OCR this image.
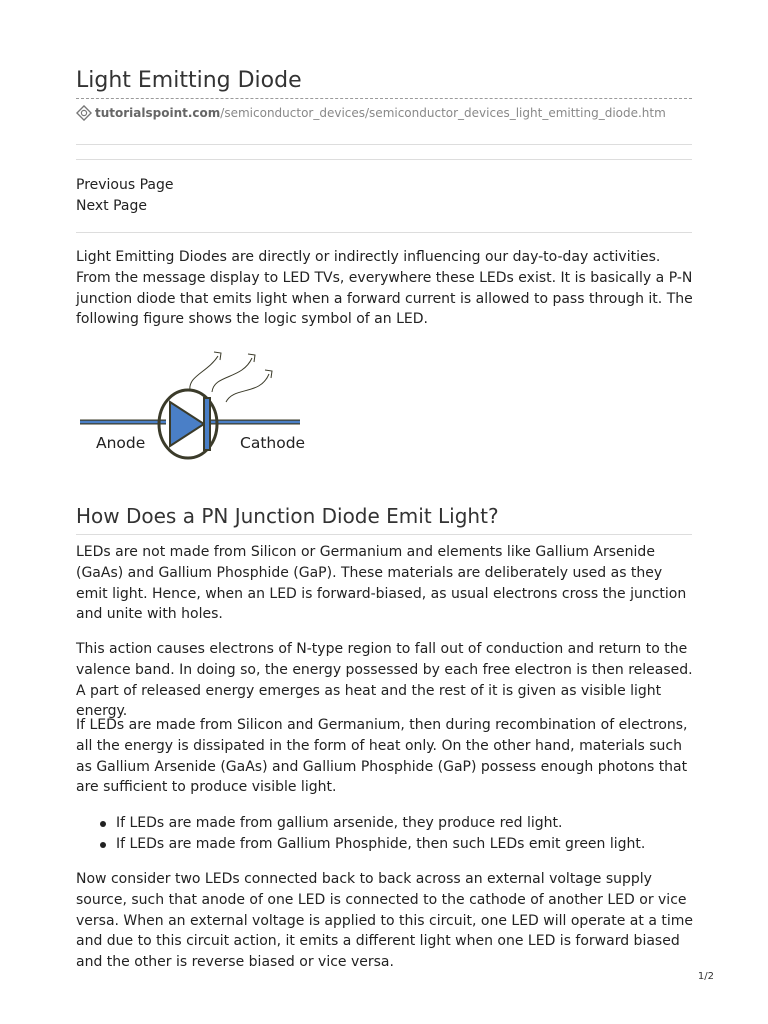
Light Emitting Diode
tutorialspoint.com /semiconductor_devices/semiconductor_devices_light_emitting_diode.htm
Previous Page
Next Page

Light Emitting Diodes are directly or indirectly influencing our day-to-day activities. From the message display to LED TVs, everywhere these LEDs exist. It is basically a P-N junction diode that emits light when a forward current is allowed to pass through it. The following figure shows the logic symbol of an LED.

Anode	Cathode
How Does a PN Junction Diode Emit Light?

LEDs are not made from Silicon or Germanium and elements like Gallium Arsenide (GaAs) and Gallium Phosphide (GaP). These materials are deliberately used as they emit light. Hence, when an LED is forward-biased, as usual electrons cross the junction and unite with holes.

This action causes electrons of N-type region to fall out of conduction and return to the valence band. In doing so, the energy possessed by each free electron is then released. A part of released energy emerges as heat and the rest of it is given as visible light energy.

If LEDs are made from Silicon and Germanium, then during recombination of electrons, all the energy is dissipated in the form of heat only. On the other hand, materials such as Gallium Arsenide (GaAs) and Gallium Phosphide (GaP) possess enough photons that are sufficient to produce visible light.

If LEDs are made from gallium arsenide, they produce red light.
If LEDs are made from Gallium Phosphide, then such LEDs emit green light.

Now consider two LEDs connected back to back across an external voltage supply source, such that anode of one LED is connected to the cathode of another LED or vice versa. When an external voltage is applied to this circuit, one LED will operate at a time and due to this circuit action, it emits a different light when one LED is forward biased and the other is reverse biased or vice versa.

1/2
